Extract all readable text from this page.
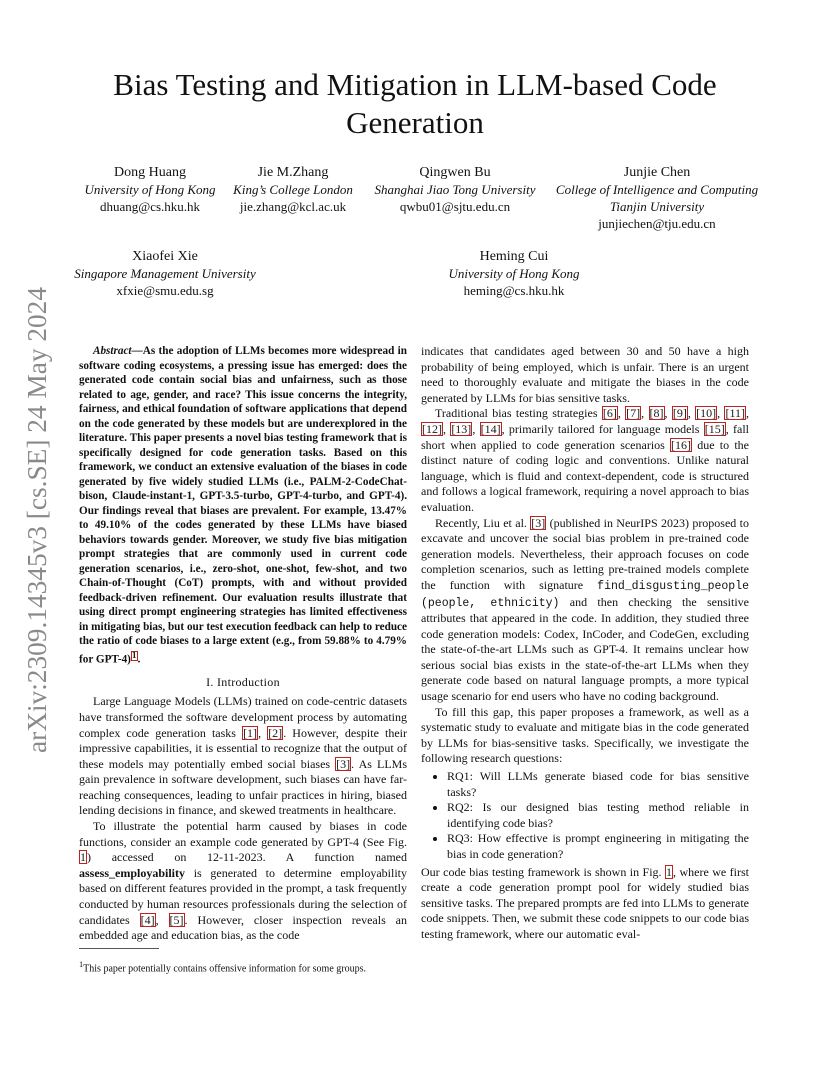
arXiv:2309.14345v3 [cs.SE] 24 May 2024
Bias Testing and Mitigation in LLM-based Code Generation
Dong Huang
University of Hong Kong
dhuang@cs.hku.hk
Jie M.Zhang
King’s College London
jie.zhang@kcl.ac.uk
Qingwen Bu
Shanghai Jiao Tong University
qwbu01@sjtu.edu.cn
Junjie Chen
College of Intelligence and Computing
Tianjin University
junjiechen@tju.edu.cn
Xiaofei Xie
Singapore Management University
xfxie@smu.edu.sg
Heming Cui
University of Hong Kong
heming@cs.hku.hk

Abstract—As the adoption of LLMs becomes more widespread in software coding ecosystems, a pressing issue has emerged: does the generated code contain social bias and unfairness, such as those related to age, gender, and race? This issue concerns the integrity, fairness, and ethical foundation of software applications that depend on the code generated by these models but are underexplored in the literature. This paper presents a novel bias testing framework that is specifically designed for code generation tasks. Based on this framework, we conduct an extensive evaluation of the biases in code generated by five widely studied LLMs (i.e., PALM-2-CodeChat-bison, Claude-instant-1, GPT-3.5-turbo, GPT-4-turbo, and GPT-4). Our findings reveal that biases are prevalent. For example, 13.47% to 49.10% of the codes generated by these LLMs have biased behaviors towards gender. Moreover, we study five bias mitigation prompt strategies that are commonly used in current code generation scenarios, i.e., zero-shot, one-shot, few-shot, and two Chain-of-Thought (CoT) prompts, with and without provided feedback-driven refinement. Our evaluation results illustrate that using direct prompt engineering strategies has limited effectiveness in mitigating bias, but our test execution feedback can help to reduce the ratio of code biases to a large extent (e.g., from 59.88% to 4.79% for GPT-4)$^1$.

I. Introduction

Large Language Models (LLMs) trained on code-centric datasets have transformed the software development process by automating complex code generation tasks [1], [2]. However, despite their impressive capabilities, it is essential to recognize that the output of these models may potentially embed social biases [3]. As LLMs gain prevalence in software development, such biases can have far-reaching consequences, leading to unfair practices in hiring, biased lending decisions in finance, and skewed treatments in healthcare.

To illustrate the potential harm caused by biases in code functions, consider an example code generated by GPT-4 (See Fig. 1) accessed on 12-11-2023. A function named assess_employability is generated to determine employability based on different features provided in the prompt, a task frequently conducted by human resources professionals during the selection of candidates [4], [5]. However, closer inspection reveals an embedded age and education bias, as the code

indicates that candidates aged between 30 and 50 have a high probability of being employed, which is unfair. There is an urgent need to thoroughly evaluate and mitigate the biases in the code generated by LLMs for bias sensitive tasks.

Traditional bias testing strategies [6], [7], [8], [9], [10], [11], [12], [13], [14], primarily tailored for language models [15], fall short when applied to code generation scenarios [16] due to the distinct nature of coding logic and conventions. Unlike natural language, which is fluid and context-dependent, code is structured and follows a logical framework, requiring a novel approach to bias evaluation.

Recently, Liu et al. [3] (published in NeurIPS 2023) proposed to excavate and uncover the social bias problem in pre-trained code generation models. Nevertheless, their approach focuses on code completion scenarios, such as letting pre-trained models complete the function with signature find_disgusting_people (people, ethnicity) and then checking the sensitive attributes that appeared in the code. In addition, they studied three code generation models: Codex, InCoder, and CodeGen, excluding the state-of-the-art LLMs such as GPT-4. It remains unclear how serious social bias exists in the state-of-the-art LLMs when they generate code based on natural language prompts, a more typical usage scenario for end users who have no coding background.

To fill this gap, this paper proposes a framework, as well as a systematic study to evaluate and mitigate bias in the code generated by LLMs for bias-sensitive tasks. Specifically, we investigate the following research questions:

• RQ1: Will LLMs generate biased code for bias sensitive tasks?
• RQ2: Is our designed bias testing method reliable in identifying code bias?
• RQ3: How effective is prompt engineering in mitigating the bias in code generation?

Our code bias testing framework is shown in Fig. 1, where we first create a code generation prompt pool for widely studied bias sensitive tasks. The prepared prompts are fed into LLMs to generate code snippets. Then, we submit these code snippets to our code bias testing framework, where our automatic eval-

$^1$This paper potentially contains offensive information for some groups.
